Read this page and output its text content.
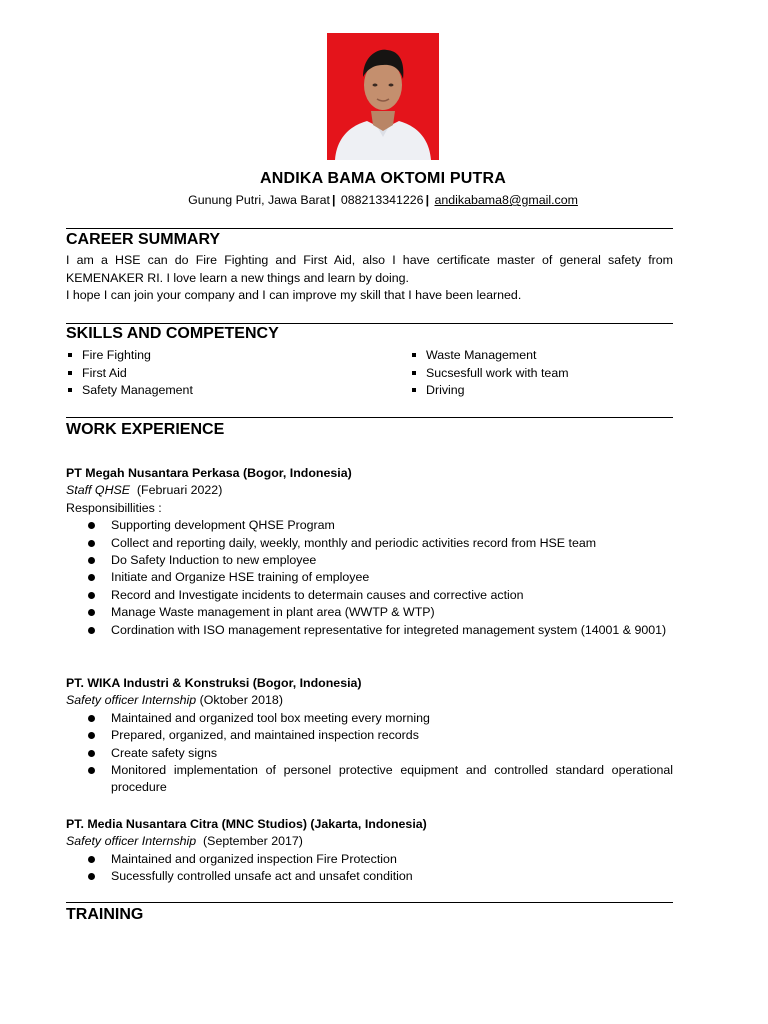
ANDIKA BAMA OKTOMI PUTRA
Gunung Putri, Jawa Barat | 088213341226 | andikabama8@gmail.com
CAREER SUMMARY

I am a HSE can do Fire Fighting and First Aid, also I have certificate master of general safety from KEMENAKER RI. I love learn a new things and learn by doing.

I hope I can join your company and I can improve my skill that I have been learned.

SKILLS AND COMPETENCY
Fire Fighting
First Aid
Safety Management
Waste Management
Sucsesfull work with team
Driving
WORK EXPERIENCE
PT Megah Nusantara Perkasa (Bogor, Indonesia)
Staff QHSE  (Februari 2022)
Responsibillities :
Supporting development QHSE Program
Collect and reporting daily, weekly, monthly and periodic activities record from HSE team
Do Safety Induction to new employee
Initiate and Organize HSE training of employee
Record and Investigate incidents to determain causes and corrective action
Manage Waste management in plant area (WWTP & WTP)
Cordination with ISO management representative for integreted management system (14001 & 9001)
PT. WIKA Industri & Konstruksi (Bogor, Indonesia)
Safety officer Internship (Oktober 2018)
Maintained and organized tool box meeting every morning
Prepared, organized, and maintained inspection records
Create safety signs
Monitored implementation of personel protective equipment and controlled standard operational procedure
PT. Media Nusantara Citra (MNC Studios) (Jakarta, Indonesia)
Safety officer Internship  (September 2017)
Maintained and organized inspection Fire Protection
Sucessfully controlled unsafe act and unsafet condition
TRAINING
